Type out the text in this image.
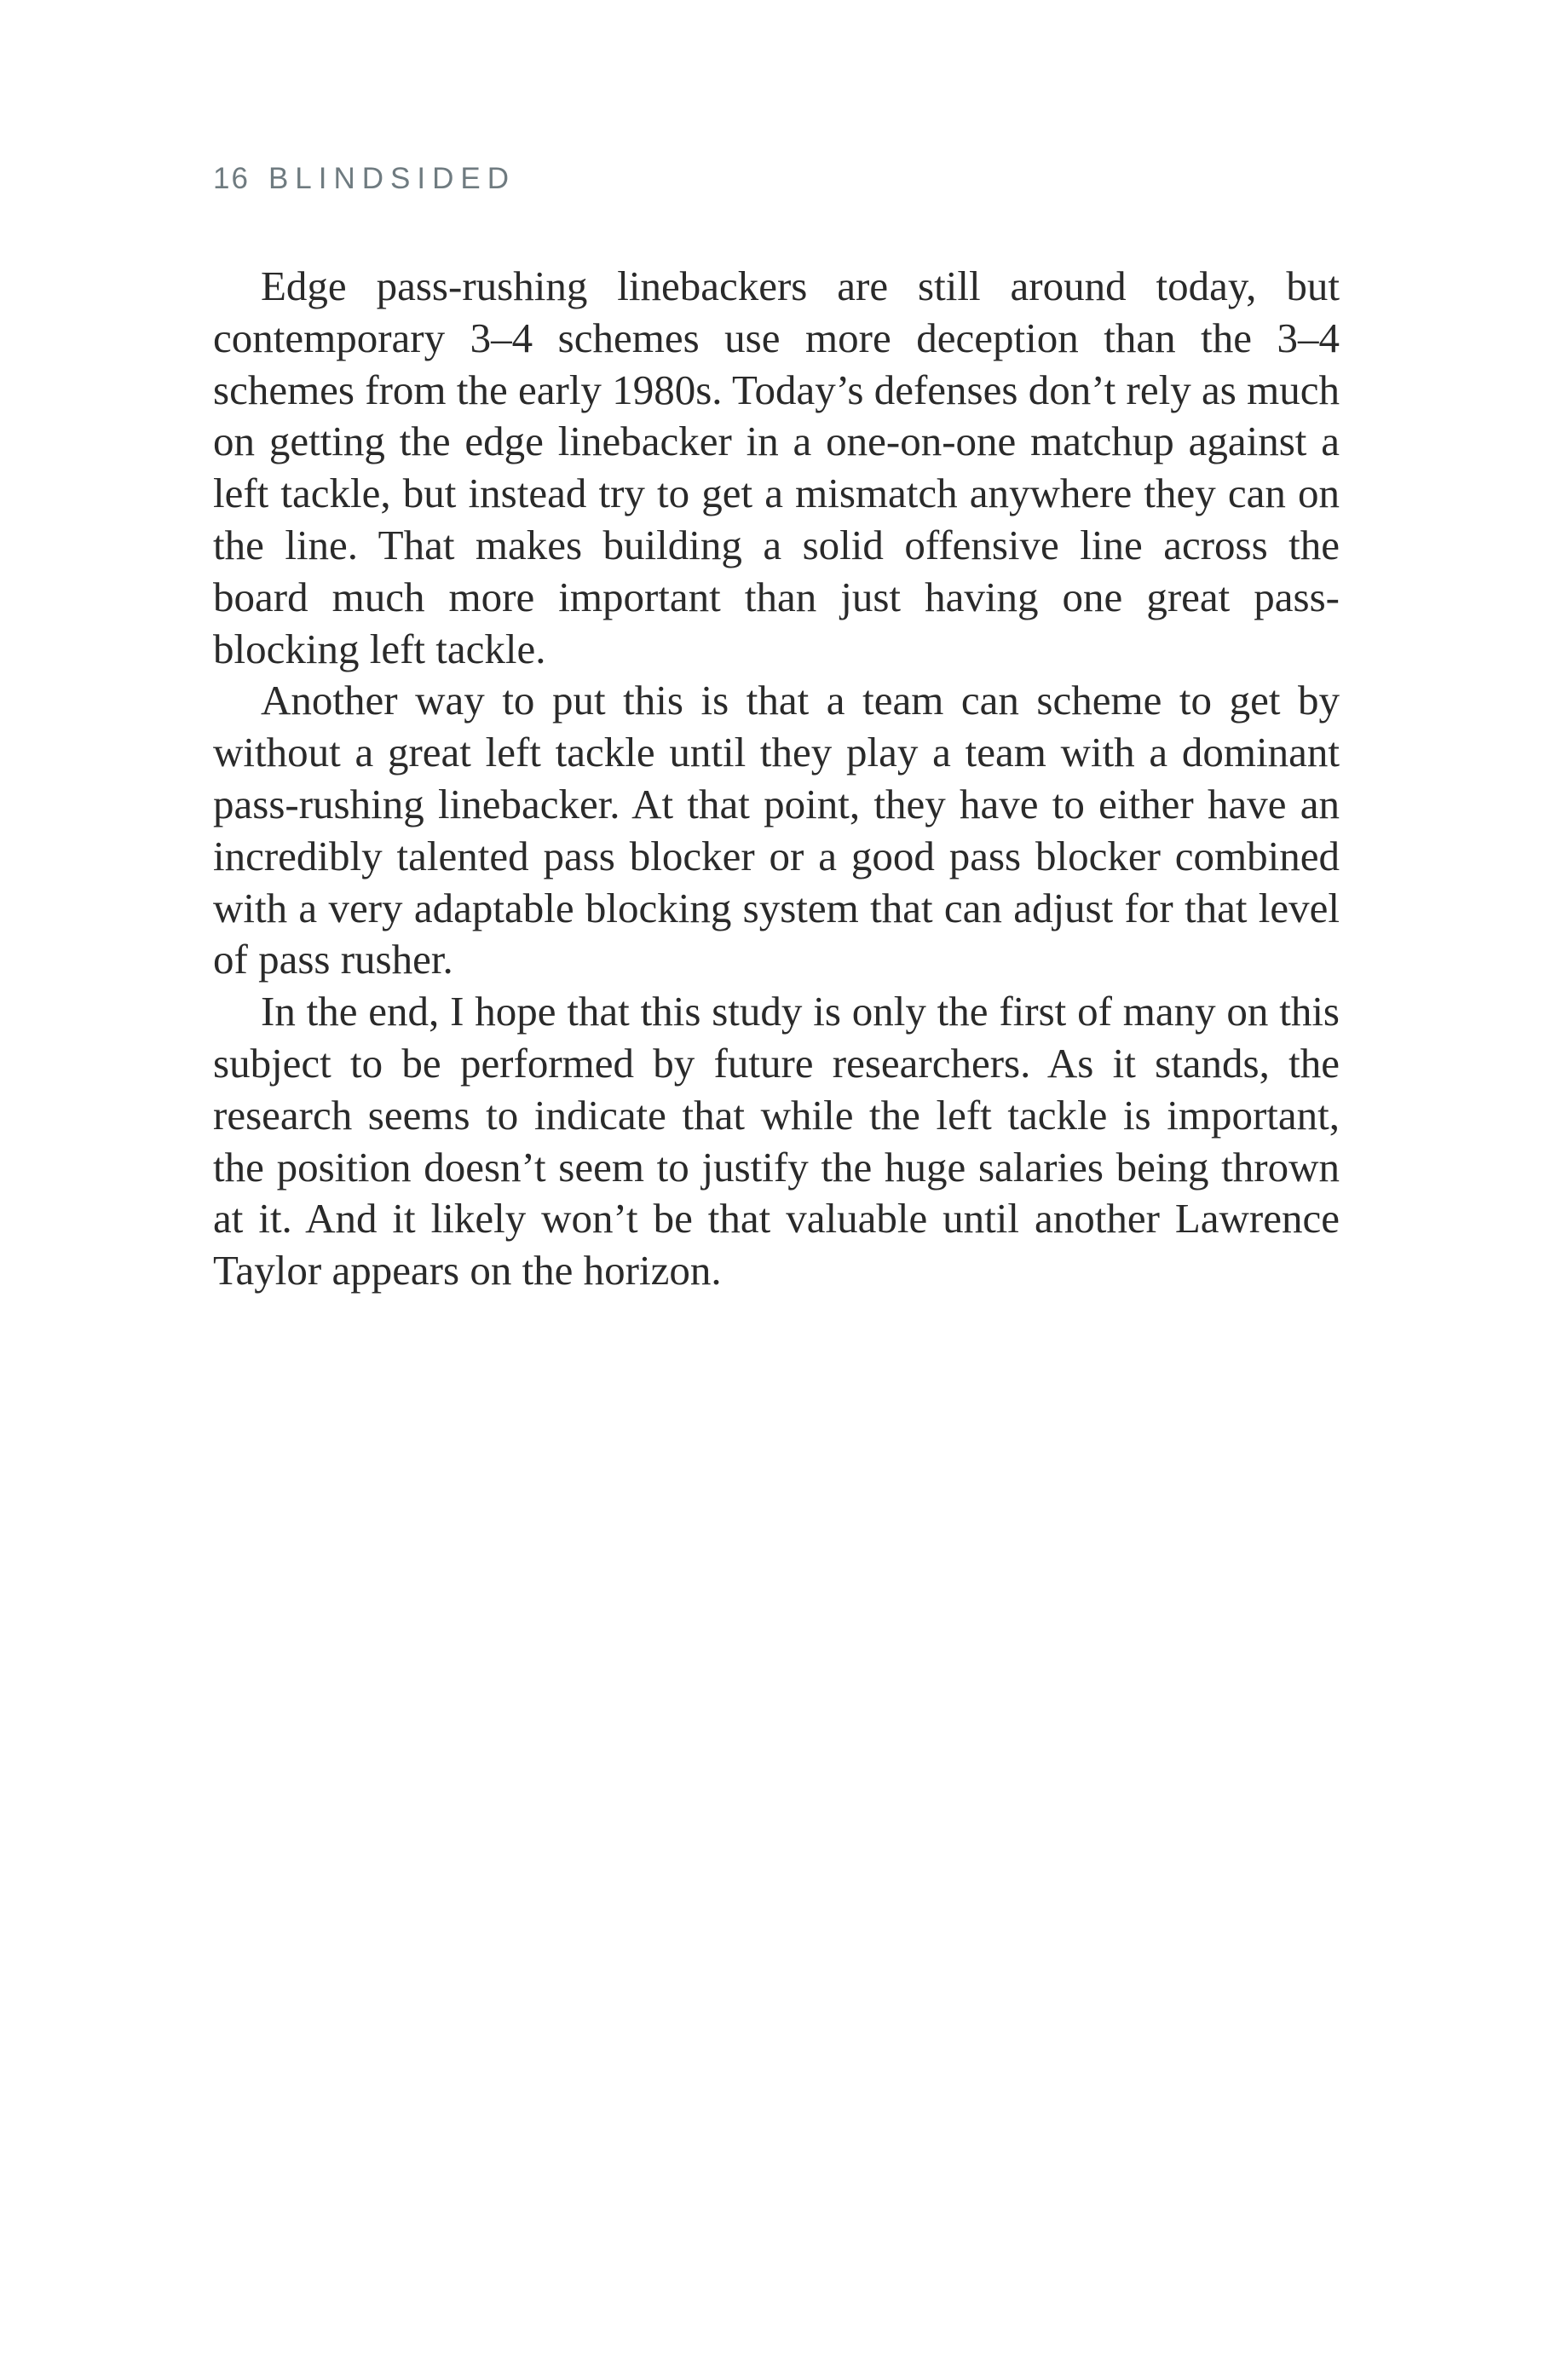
16 BLINDSIDED

Edge pass-rushing linebackers are still around today, but contemporary 3–4 schemes use more deception than the 3–4 schemes from the early 1980s. Today’s defenses don’t rely as much on getting the edge linebacker in a one-on-one matchup against a left tackle, but instead try to get a mismatch anywhere they can on the line. That makes building a solid offensive line across the board much more important than just having one great pass-blocking left tackle.

Another way to put this is that a team can scheme to get by without a great left tackle until they play a team with a dominant pass-rushing linebacker. At that point, they have to either have an incredibly talented pass blocker or a good pass blocker combined with a very adaptable blocking system that can adjust for that level of pass rusher.

In the end, I hope that this study is only the first of many on this subject to be performed by future researchers. As it stands, the research seems to indicate that while the left tackle is important, the position doesn’t seem to justify the huge salaries being thrown at it. And it likely won’t be that valuable until another Lawrence Taylor appears on the horizon.
